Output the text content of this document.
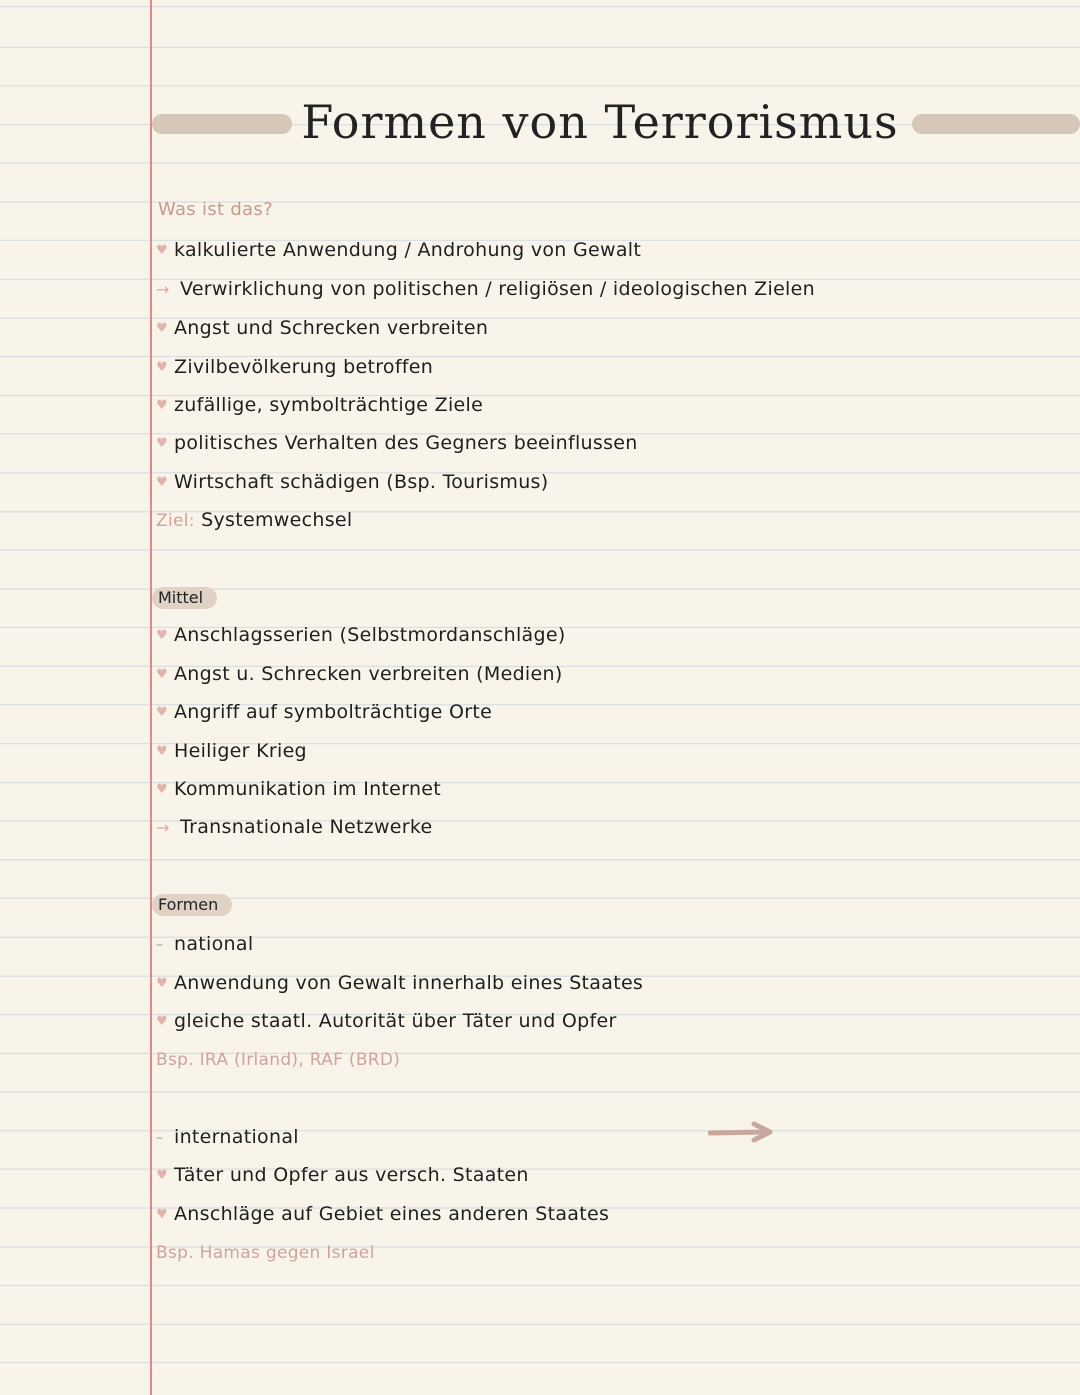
Formen von Terrorismus
Was ist das?
♥ kalkulierte Anwendung / Androhung von Gewalt
→ Verwirklichung von politischen / religiösen / ideologischen Zielen
♥ Angst und Schrecken verbreiten
♥ Zivilbevölkerung betroffen
♥ zufällige, symbolträchtige Ziele
♥ politisches Verhalten des Gegners beeinflussen
♥ Wirtschaft schädigen (Bsp. Tourismus)
Ziel: Systemwechsel
Mittel
♥ Anschlagsserien (Selbstmordanschläge)
♥ Angst u. Schrecken verbreiten (Medien)
♥ Angriff auf symbolträchtige Orte
♥ Heiliger Krieg
♥ Kommunikation im Internet
→ Transnationale Netzwerke
Formen
– national
♥ Anwendung von Gewalt innerhalb eines Staates
♥ gleiche staatl. Autorität über Täter und Opfer
Bsp. IRA (Irland), RAF (BRD)
– international
♥ Täter und Opfer aus versch. Staaten
♥ Anschläge auf Gebiet eines anderen Staates
Bsp. Hamas gegen Israel
